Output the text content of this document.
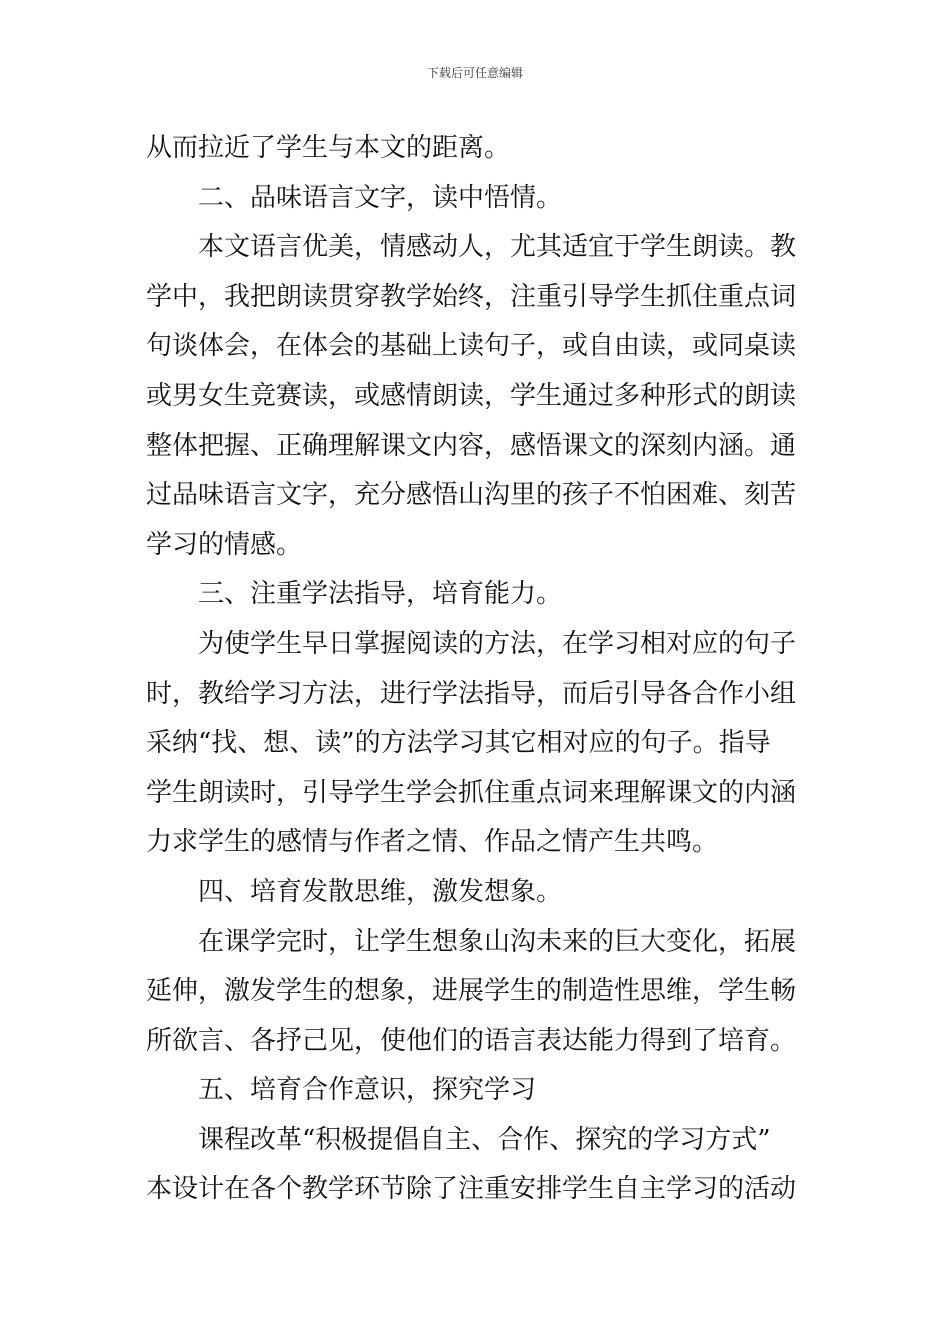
下载后可任意编辑
从而拉近了学生与本文的距离。
二、品味语言文字，读中悟情。
本文语言优美，情感动人，尤其适宜于学生朗读。教
学中，我把朗读贯穿教学始终，注重引导学生抓住重点词
句谈体会，在体会的基础上读句子，或自由读，或同桌读
或男女生竞赛读，或感情朗读，学生通过多种形式的朗读
整体把握、正确理解课文内容，感悟课文的深刻内涵。通
过品味语言文字，充分感悟山沟里的孩子不怕困难、刻苦
学习的情感。
三、注重学法指导，培育能力。
为使学生早日掌握阅读的方法，在学习相对应的句子
时，教给学习方法，进行学法指导，而后引导各合作小组
采纳“找、想、读”的方法学习其它相对应的句子。指导
学生朗读时，引导学生学会抓住重点词来理解课文的内涵
力求学生的感情与作者之情、作品之情产生共鸣。
四、培育发散思维，激发想象。
在课学完时，让学生想象山沟未来的巨大变化，拓展
延伸，激发学生的想象，进展学生的制造性思维，学生畅
所欲言、各抒己见，使他们的语言表达能力得到了培育。
五、培育合作意识，探究学习
课程改革“积极提倡自主、合作、探究的学习方式”
本设计在各个教学环节除了注重安排学生自主学习的活动
